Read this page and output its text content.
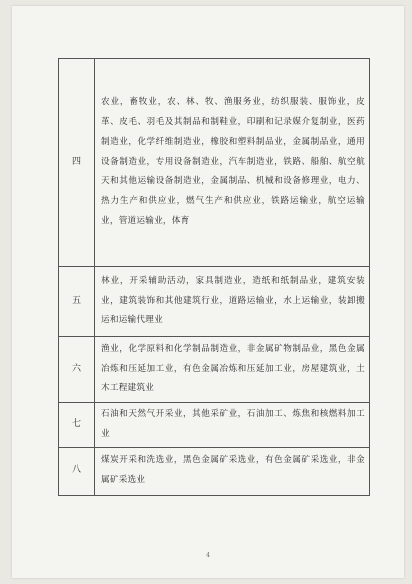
四	农业，畜牧业，农、林、牧、渔服务业，纺织服装、服饰业，皮革、皮毛、羽毛及其制品和制鞋业，印刷和记录媒介复制业，医药制造业，化学纤维制造业，橡胶和塑料制品业，金属制品业，通用设备制造业，专用设备制造业，汽车制造业，铁路、船舶、航空航天和其他运输设备制造业，金属制品、机械和设备修理业，电力、热力生产和供应业，燃气生产和供应业，铁路运输业，航空运输业，管道运输业，体育
五	林业，开采辅助活动，家具制造业，造纸和纸制品业，建筑安装业，建筑装饰和其他建筑行业，道路运输业，水上运输业，装卸搬运和运输代理业
六	渔业，化学原料和化学制品制造业，非金属矿物制品业，黑色金属冶炼和压延加工业，有色金属冶炼和压延加工业，房屋建筑业，土木工程建筑业
七	石油和天然气开采业，其他采矿业，石油加工、炼焦和核燃料加工业
八	煤炭开采和洗选业，黑色金属矿采选业，有色金属矿采选业，非金属矿采选业
4
